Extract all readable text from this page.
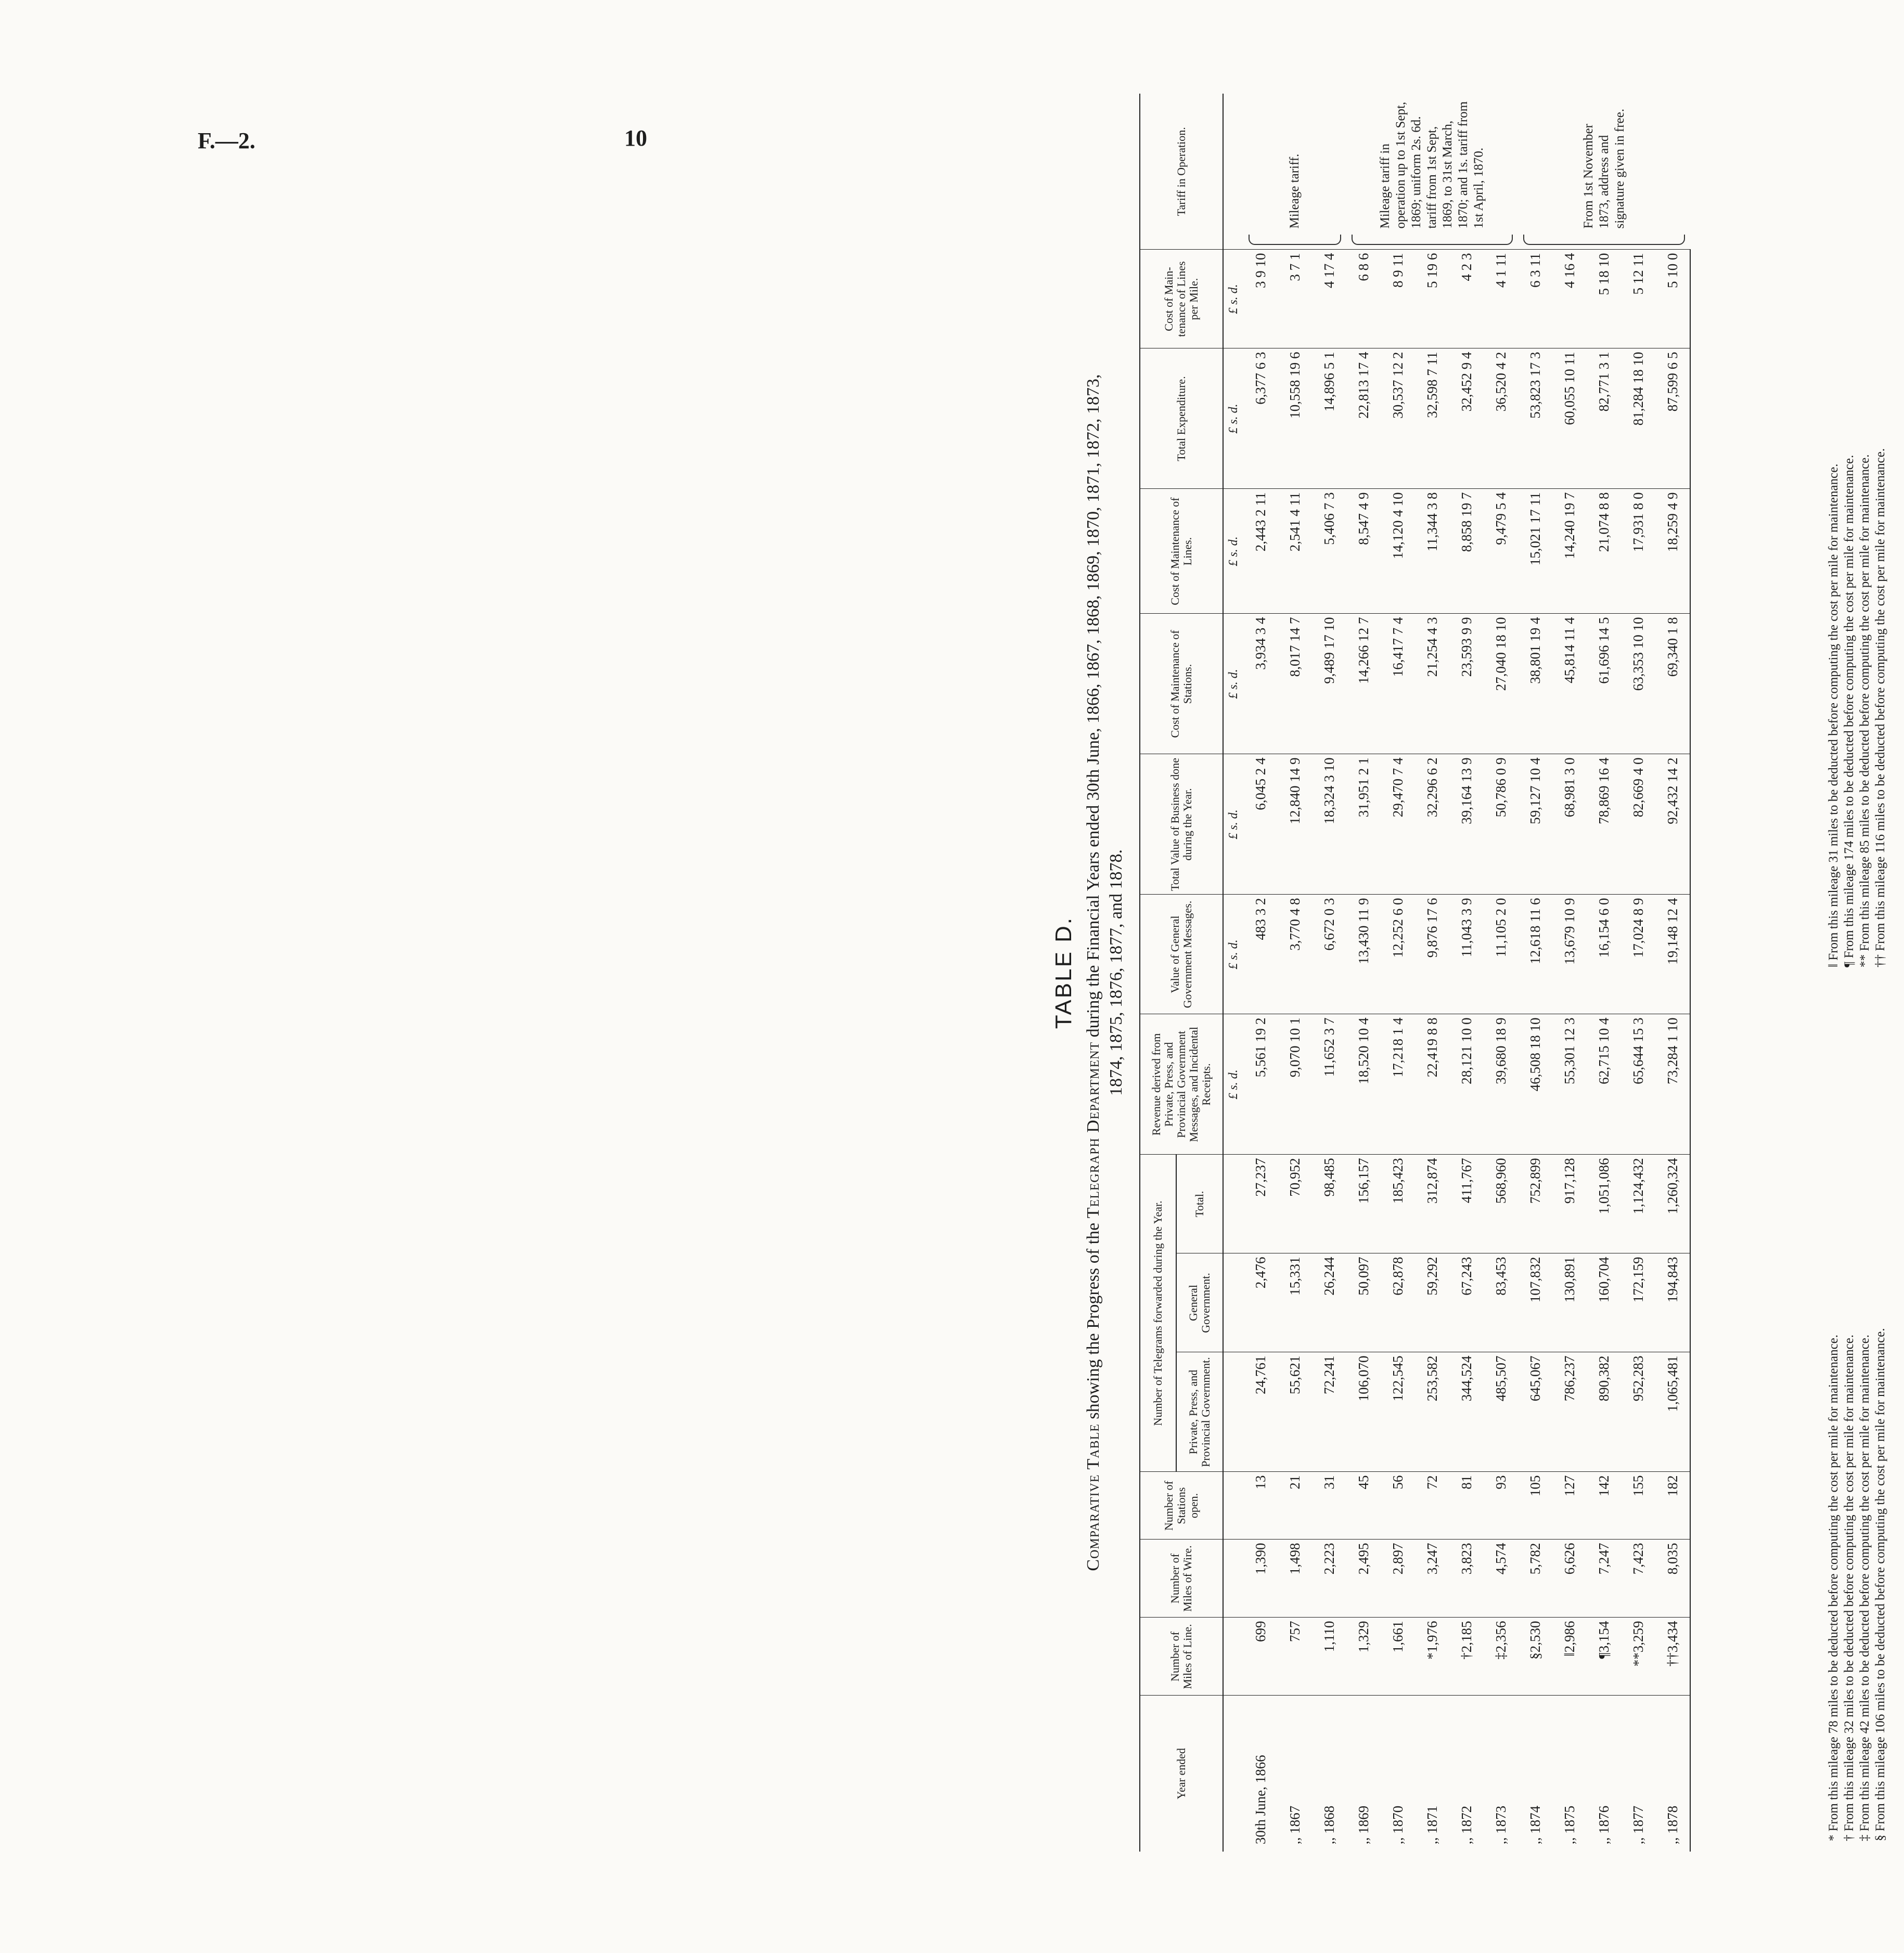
F.—2.	10
TABLE D.
Comparative Table showing the Progress of the Telegraph Department during the Financial Years ended 30th June, 1866, 1867, 1868, 1869, 1870, 1871, 1872, 1873, 1874, 1875, 1876, 1877, and 1878.
Year ended	Number of Miles of Line.	Number of Miles of Wire.	Number of Stations open.	Number of Telegrams forwarded during the Year.			Revenue derived from Private, Press, and Provincial Government Messages, and Incidental Receipts.	Value of General Government Messages.	Total Value of Business done during the Year.	Cost of Maintenance of Stations.	Cost of Maintenance of Lines.	Total Expenditure.	Cost of Main-tenance of Lines per Mile.	Tariff in Operation.
				Private, Press, and Provincial Government.	General Government.	Total.								
							£ s. d.	£ s. d.	£ s. d.	£ s. d.	£ s. d.	£ s. d.	£ s. d.	
30th June, 1866	699	1,390	13	24,761	2,476	27,237	5,561 19 2	483 3 2	6,045 2 4	3,934 3 4	2,443 2 11	6,377 6 3	3 9 10	Mileage tariff.
,, 1867	757	1,498	21	55,621	15,331	70,952	9,070 10 1	3,770 4 8	12,840 14 9	8,017 14 7	2,541 4 11	10,558 19 6	3 7 1	
,, 1868	1,110	2,223	31	72,241	26,244	98,485	11,652 3 7	6,672 0 3	18,324 3 10	9,489 17 10	5,406 7 3	14,896 5 1	4 17 4	
,, 1869	1,329	2,495	45	106,070	50,097	156,157	18,520 10 4	13,430 11 9	31,951 2 1	14,266 12 7	8,547 4 9	22,813 17 4	6 8 6	Mileage tariff in operation up to 1st Sept, 1869; uniform 2s. 6d. tariff from 1st Sept, 1869, to 31st March, 1870; and 1s. tariff from 1st April, 1870.
,, 1870	1,661	2,897	56	122,545	62,878	185,423	17,218 1 4	12,252 6 0	29,470 7 4	16,417 7 4	14,120 4 10	30,537 12 2	8 9 11	
,, 1871	*1,976	3,247	72	253,582	59,292	312,874	22,419 8 8	9,876 17 6	32,296 6 2	21,254 4 3	11,344 3 8	32,598 7 11	5 19 6	
,, 1872	†2,185	3,823	81	344,524	67,243	411,767	28,121 10 0	11,043 3 9	39,164 13 9	23,593 9 9	8,858 19 7	32,452 9 4	4 2 3	
,, 1873	‡2,356	4,574	93	485,507	83,453	568,960	39,680 18 9	11,105 2 0	50,786 0 9	27,040 18 10	9,479 5 4	36,520 4 2	4 1 11	
,, 1874	§2,530	5,782	105	645,067	107,832	752,899	46,508 18 10	12,618 11 6	59,127 10 4	38,801 19 4	15,021 17 11	53,823 17 3	6 3 11	From 1st November 1873, address and signature given in free.
,, 1875	‖2,986	6,626	127	786,237	130,891	917,128	55,301 12 3	13,679 10 9	68,981 3 0	45,814 11 4	14,240 19 7	60,055 10 11	4 16 4	
,, 1876	¶3,154	7,247	142	890,382	160,704	1,051,086	62,715 10 4	16,154 6 0	78,869 16 4	61,696 14 5	21,074 8 8	82,771 3 1	5 18 10	
,, 1877	**3,259	7,423	155	952,283	172,159	1,124,432	65,644 15 3	17,024 8 9	82,669 4 0	63,353 10 10	17,931 8 0	81,284 18 10	5 12 11	
,, 1878	††3,434	8,035	182	1,065,481	194,843	1,260,324	73,284 1 10	19,148 12 4	92,432 14 2	69,340 1 8	18,259 4 9	87,599 6 5	5 10 0	
* From this mileage 78 miles to be deducted before computing the cost per mile for maintenance. † From this mileage 32 miles to be deducted before computing the cost per mile for maintenance. ‡ From this mileage 42 miles to be deducted before computing the cost per mile for maintenance. § From this mileage 106 miles to be deducted before computing the cost per mile for maintenance.
‖ From this mileage 31 miles to be deducted before computing the cost per mile for maintenance. ¶ From this mileage 174 miles to be deducted before computing the cost per mile for maintenance. ** From this mileage 85 miles to be deducted before computing the cost per mile for maintenance. †† From this mileage 116 miles to be deducted before computing the cost per mile for maintenance.
